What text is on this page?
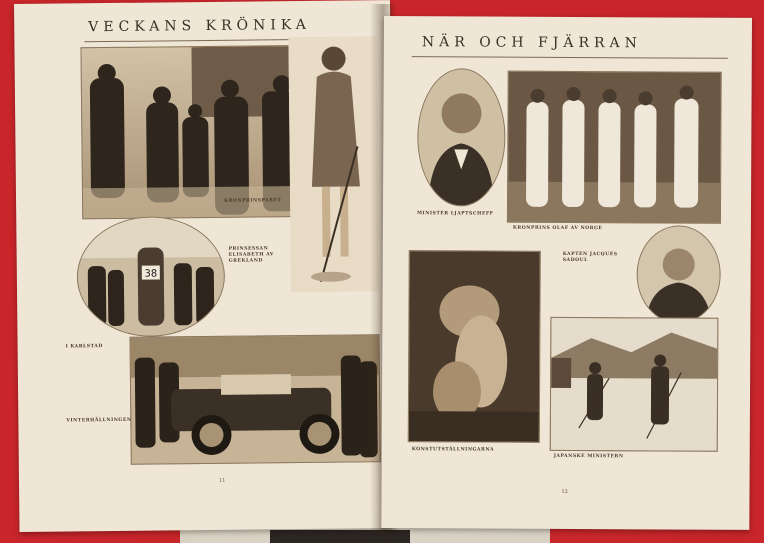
VECKANS KRÖNIKA
KRONPRINSPARET

38
PRINSESSAN ELISABETH AV GREKLAND

I KARLSTAD

VINTERHÄLLNINGEN

11
NÄR OCH FJÄRRAN
MINISTER LJAPTSCHEFF

KRONPRINS OLAF AV NORGE

KAPTEN JACQUES SADOUL

KONSTUTSTÄLLNINGARNA

JAPANSKE MINISTERN

12
